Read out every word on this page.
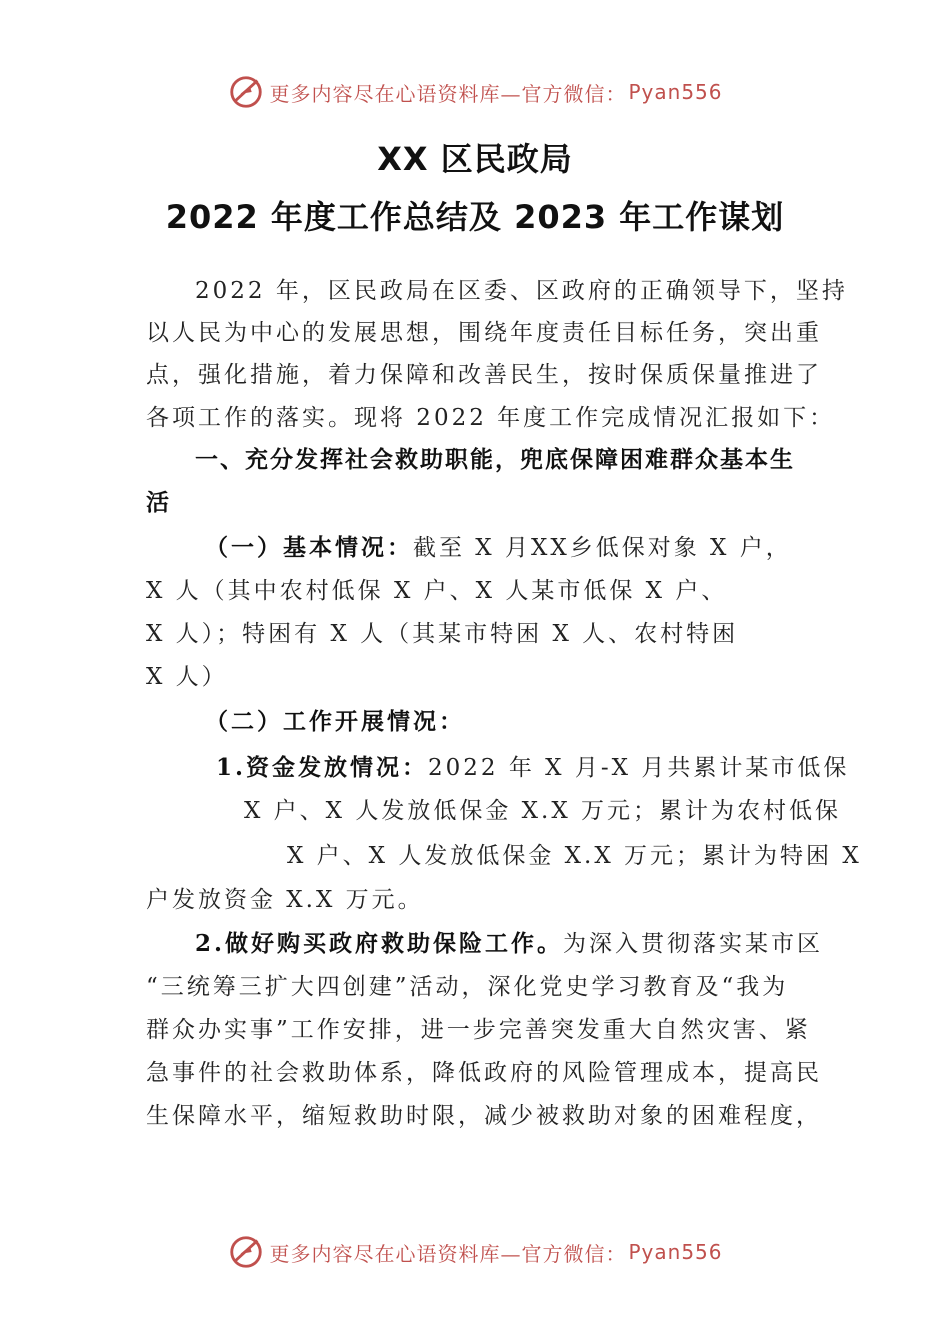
更多内容尽在心语资料库—官方微信： Pyan556
XX 区民政局
2022 年度工作总结及 2023 年工作谋划
2022 年，区民政局在区委、区政府的正确领导下，坚持
以人民为中心的发展思想，围绕年度责任目标任务，突出重
点，强化措施，着力保障和改善民生，按时保质保量推进了
各项工作的落实。现将 2022 年度工作完成情况汇报如下：
一、充分发挥社会救助职能，兜底保障困难群众基本生
活
（一）基本情况：截至 X 月XX乡低保对象 X 户，
X 人（其中农村低保 X 户、X 人某市低保 X 户、
X 人）；特困有 X 人（其某市特困 X 人、农村特困
X 人）
（二）工作开展情况：
1.资金发放情况：2022 年 X 月-X 月共累计某市低保
X 户、X 人发放低保金 X.X 万元；累计为农村低保
X 户、X 人发放低保金 X.X 万元；累计为特困 X
户发放资金 X.X 万元。
2.做好购买政府救助保险工作。为深入贯彻落实某市区
“三统筹三扩大四创建”活动，深化党史学习教育及“我为
群众办实事”工作安排，进一步完善突发重大自然灾害、紧
急事件的社会救助体系，降低政府的风险管理成本，提高民
生保障水平，缩短救助时限，减少被救助对象的困难程度，
更多内容尽在心语资料库—官方微信： Pyan556
